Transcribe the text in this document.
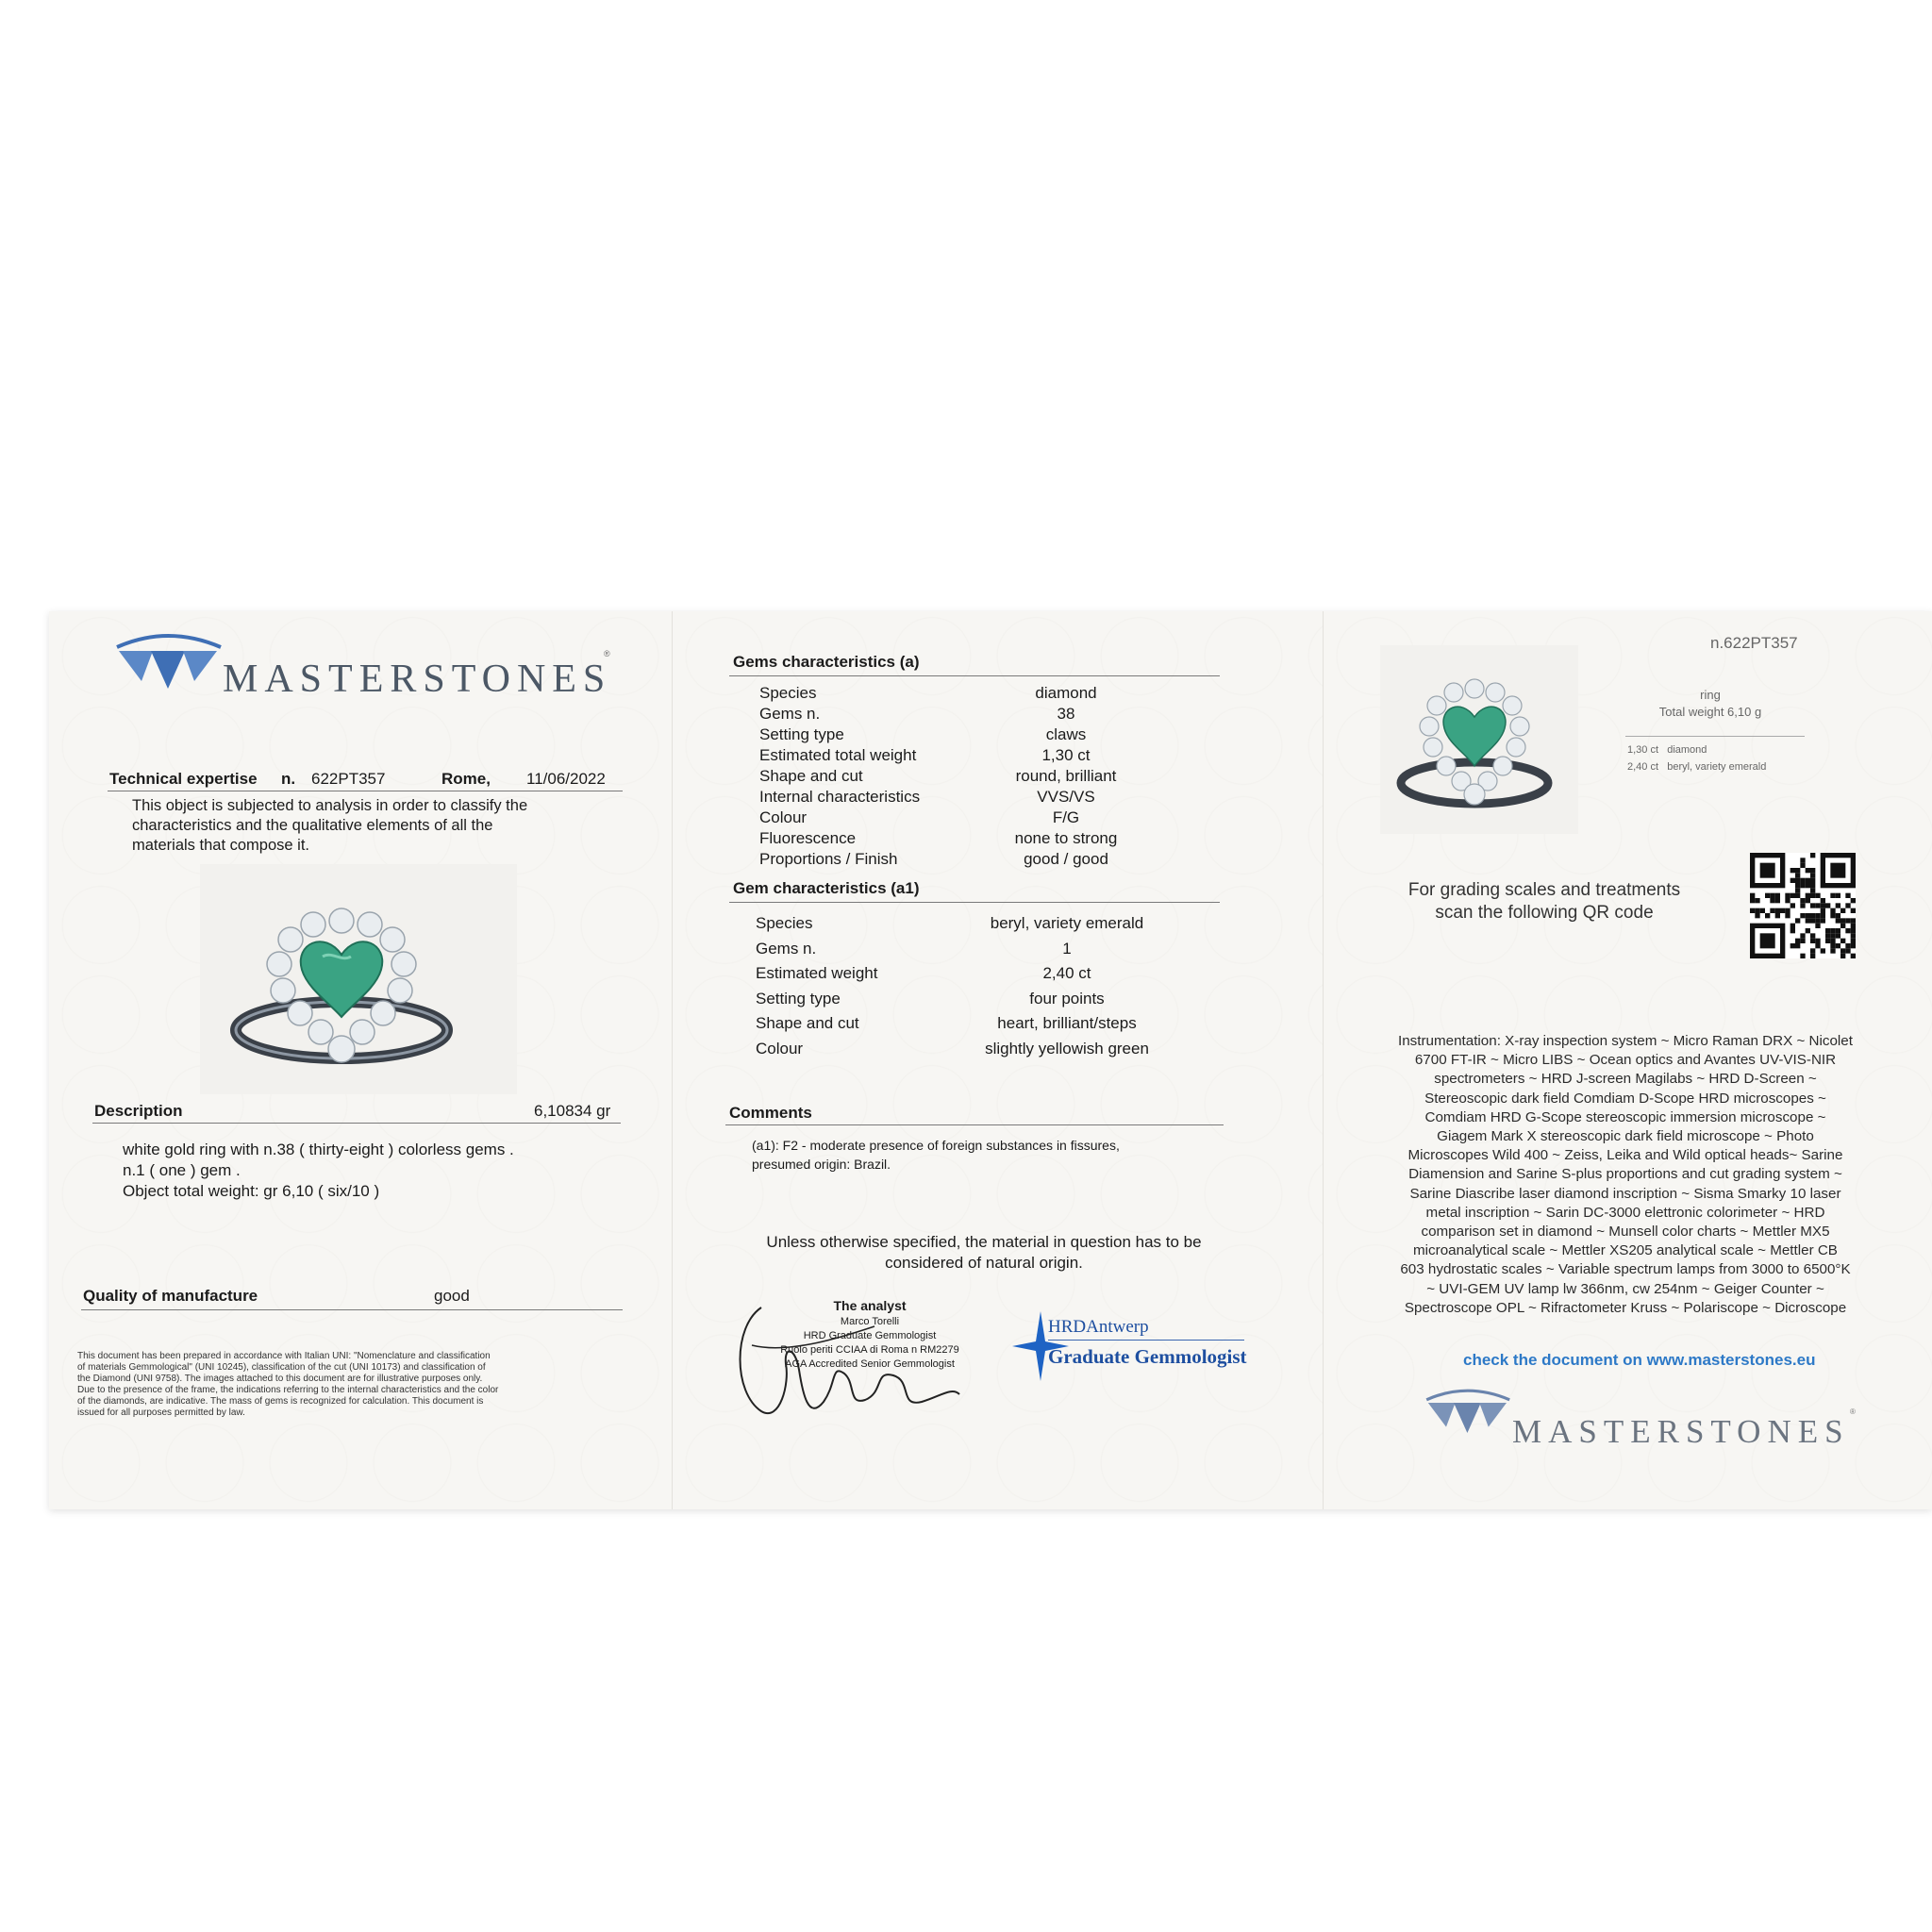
MASTERSTONES
®
Technical expertise n. 622PT357	Rome, 11/06/2022
This object is subjected to analysis in order to classify the
characteristics and the qualitative elements of all the
materials that compose it.
Description	6,10834 gr
white gold ring with n.38 ( thirty-eight ) colorless gems .
n.1 ( one ) gem .
Object total weight: gr 6,10 ( six/10 )
Quality of manufacture	good
This document has been prepared in accordance with Italian UNI: "Nomenclature and classification
of materials Gemmological" (UNI 10245), classification of the cut (UNI 10173) and classification of
the Diamond (UNI 9758). The images attached to this document are for illustrative purposes only.
Due to the presence of the frame, the indications referring to the internal characteristics and the color
of the diamonds, are indicative. The mass of gems is recognized for calculation. This document is
issued for all purposes permitted by law.
Gems characteristics (a)
Species	diamond
Gems n.	38
Setting type	claws
Estimated total weight	1,30 ct
Shape and cut	round, brilliant
Internal characteristics	VVS/VS
Colour	F/G
Fluorescence	none to strong
Proportions / Finish	good / good
Gem characteristics (a1)
Species	beryl, variety emerald
Gems n.	1
Estimated weight	2,40 ct
Setting type	four points
Shape and cut	heart, brilliant/steps
Colour	slightly yellowish green
Comments
(a1): F2 - moderate presence of foreign substances in fissures,
presumed origin: Brazil.
Unless otherwise specified, the material in question has to be
considered of natural origin.
The analyst
Marco Torelli
HRD Graduate Gemmologist
Ruolo periti CCIAA di Roma n RM2279
AGA Accredited Senior Gemmologist
HRDAntwerp
Graduate Gemmologist
n.622PT357
ring
Total weight 6,10 g
1,30 ct diamond
2,40 ct beryl, variety emerald
For grading scales and treatments
scan the following QR code
Instrumentation: X-ray inspection system ~ Micro Raman DRX ~ Nicolet
6700 FT-IR ~ Micro LIBS ~ Ocean optics and Avantes UV-VIS-NIR
spectrometers ~ HRD J-screen Magilabs ~ HRD D-Screen ~
Stereoscopic dark field Comdiam D-Scope HRD microscopes ~
Comdiam HRD G-Scope stereoscopic immersion microscope ~
Giagem Mark X stereoscopic dark field microscope ~ Photo
Microscopes Wild 400 ~ Zeiss, Leika and Wild optical heads~ Sarine
Diamension and Sarine S-plus proportions and cut grading system ~
Sarine Diascribe laser diamond inscription ~ Sisma Smarky 10 laser
metal inscription ~ Sarin DC-3000 elettronic colorimeter ~ HRD
comparison set in diamond ~ Munsell color charts ~ Mettler MX5
microanalytical scale ~ Mettler XS205 analytical scale ~ Mettler CB
603 hydrostatic scales ~ Variable spectrum lamps from 3000 to 6500°K
~ UVI-GEM UV lamp lw 366nm, cw 254nm ~ Geiger Counter ~
Spectroscope OPL ~ Rifractometer Kruss ~ Polariscope ~ Dicroscope
check the document on www.masterstones.eu
MASTERSTONES
®
